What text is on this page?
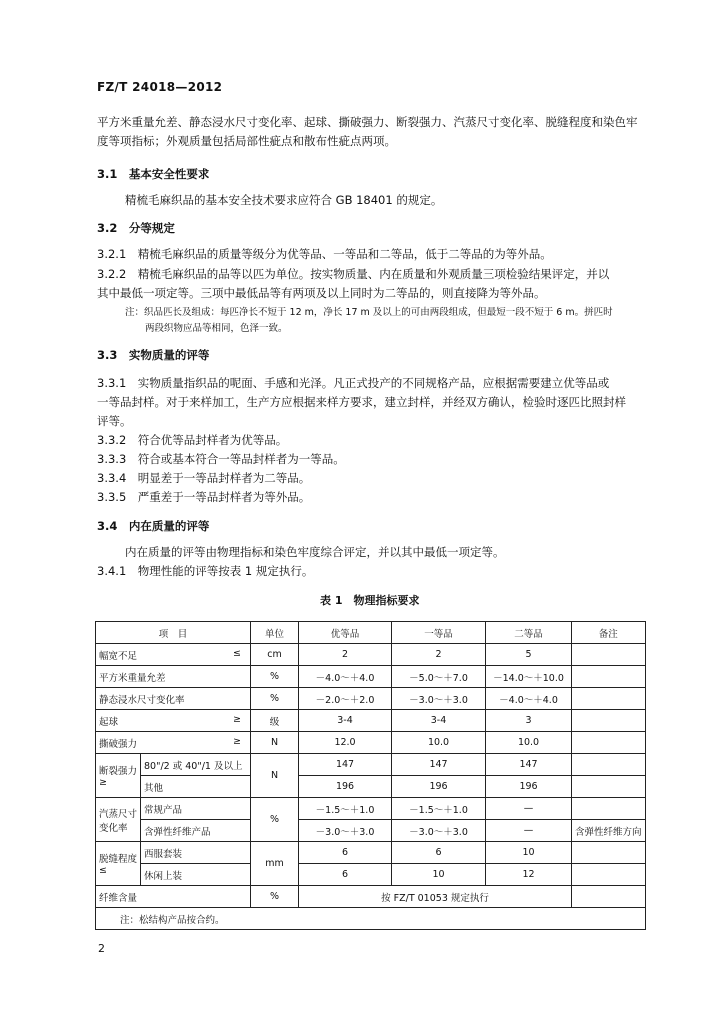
FZ/T 24018—2012
平方米重量允差、静态浸水尺寸变化率、起球、撕破强力、断裂强力、汽蒸尺寸变化率、脱缝程度和染色牢
度等项指标；外观质量包括局部性疵点和散布性疵点两项。
3.1　基本安全性要求
精梳毛麻织品的基本安全技术要求应符合 GB 18401 的规定。
3.2　分等规定
3.2.1　精梳毛麻织品的质量等级分为优等品、一等品和二等品，低于二等品的为等外品。
3.2.2　精梳毛麻织品的品等以匹为单位。按实物质量、内在质量和外观质量三项检验结果评定，并以
其中最低一项定等。三项中最低品等有两项及以上同时为二等品的，则直接降为等外品。
注：织品匹长及组成：每匹净长不短于 12 m，净长 17 m 及以上的可由两段组成，但最短一段不短于 6 m。拼匹时
两段织物应品等相同，色泽一致。
3.3　实物质量的评等
3.3.1　实物质量指织品的呢面、手感和光泽。凡正式投产的不同规格产品，应根据需要建立优等品或
一等品封样。对于来样加工，生产方应根据来样方要求，建立封样，并经双方确认，检验时逐匹比照封样
评等。
3.3.2　符合优等品封样者为优等品。
3.3.3　符合或基本符合一等品封样者为一等品。
3.3.4　明显差于一等品封样者为二等品。
3.3.5　严重差于一等品封样者为等外品。
3.4　内在质量的评等
内在质量的评等由物理指标和染色牢度综合评定，并以其中最低一项定等。
3.4.1　物理性能的评等按表 1 规定执行。
表 1　物理指标要求
项　目		单位	优等品	一等品	二等品	备注
幅宽不足 ≤		cm	2	2	5	
平方米重量允差		%	－4.0～＋4.0	－5.0～＋7.0	－14.0～＋10.0	
静态浸水尺寸变化率		%	－2.0～＋2.0	－3.0～＋3.0	－4.0～＋4.0	
起球 ≥		级	3-4	3-4	3	
撕破强力 ≥		N	12.0	10.0	10.0	

断裂强力
≥	80"/2 或 40"/1 及以上	N	147	147	147	
	其他		196	196	196	

汽蒸尺寸
变化率	常规产品	%	－1.5～＋1.0	－1.5～＋1.0	—	
	含弹性纤维产品		－3.0～＋3.0	－3.0～＋3.0	—	含弹性纤维方向

脱缝程度
≤	西服套装	mm	6	6	10	
	休闲上装		6	10	12	
纤维含量		%	按 FZ/T 01053 规定执行			
注：松结构产品按合约。						
2
